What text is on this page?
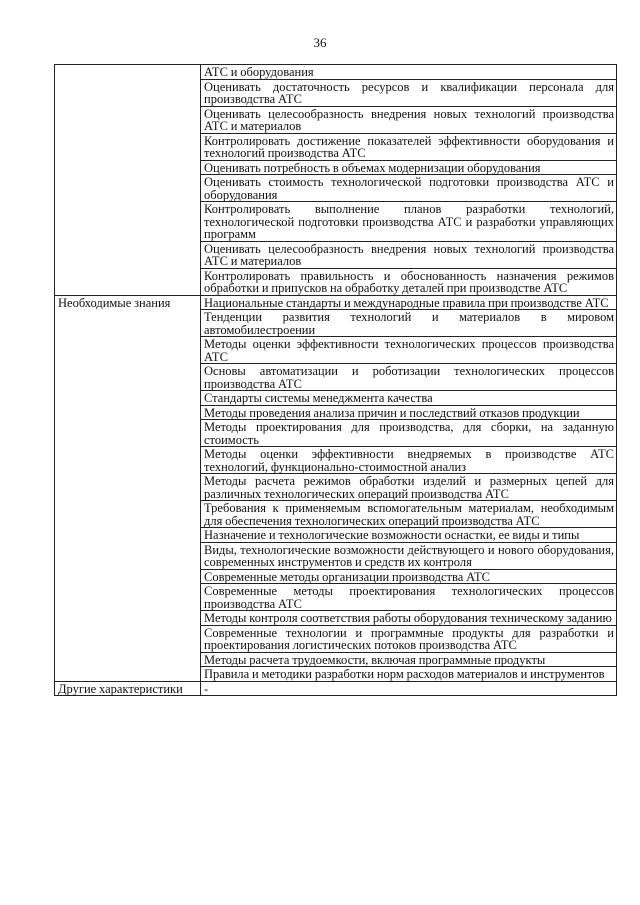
36
	АТС и оборудования
	Оценивать достаточность ресурсов и квалификации персонала для производства АТС
	Оценивать целесообразность внедрения новых технологий производства АТС и материалов
	Контролировать достижение показателей эффективности оборудования и технологий производства АТС
	Оценивать потребность в объемах модернизации оборудования
	Оценивать стоимость технологической подготовки производства АТС и оборудования
	Контролировать выполнение планов разработки технологий, технологической подготовки производства АТС и разработки управляющих программ
	Оценивать целесообразность внедрения новых технологий производства АТС и материалов
	Контролировать правильность и обоснованность назначения режимов обработки и припусков на обработку деталей при производстве АТС
Необходимые знания	Национальные стандарты и международные правила при производстве АТС
	Тенденции развития технологий и материалов в мировом автомобилестроении
	Методы оценки эффективности технологических процессов производства АТС
	Основы автоматизации и роботизации технологических процессов производства АТС
	Стандарты системы менеджмента качества
	Методы проведения анализа причин и последствий отказов продукции
	Методы проектирования для производства, для сборки, на заданную стоимость
	Методы оценки эффективности внедряемых в производстве АТС технологий, функционально-стоимостной анализ
	Методы расчета режимов обработки изделий и размерных цепей для различных технологических операций производства АТС
	Требования к применяемым вспомогательным материалам, необходимым для обеспечения технологических операций производства АТС
	Назначение и технологические возможности оснастки, ее виды и типы
	Виды, технологические возможности действующего и нового оборудования, современных инструментов и средств их контроля
	Современные методы организации производства АТС
	Современные методы проектирования технологических процессов производства АТС
	Методы контроля соответствия работы оборудования техническому заданию
	Современные технологии и программные продукты для разработки и проектирования логистических потоков производства АТС
	Методы расчета трудоемкости, включая программные продукты
	Правила и методики разработки норм расходов материалов и инструментов
Другие характеристики	-
